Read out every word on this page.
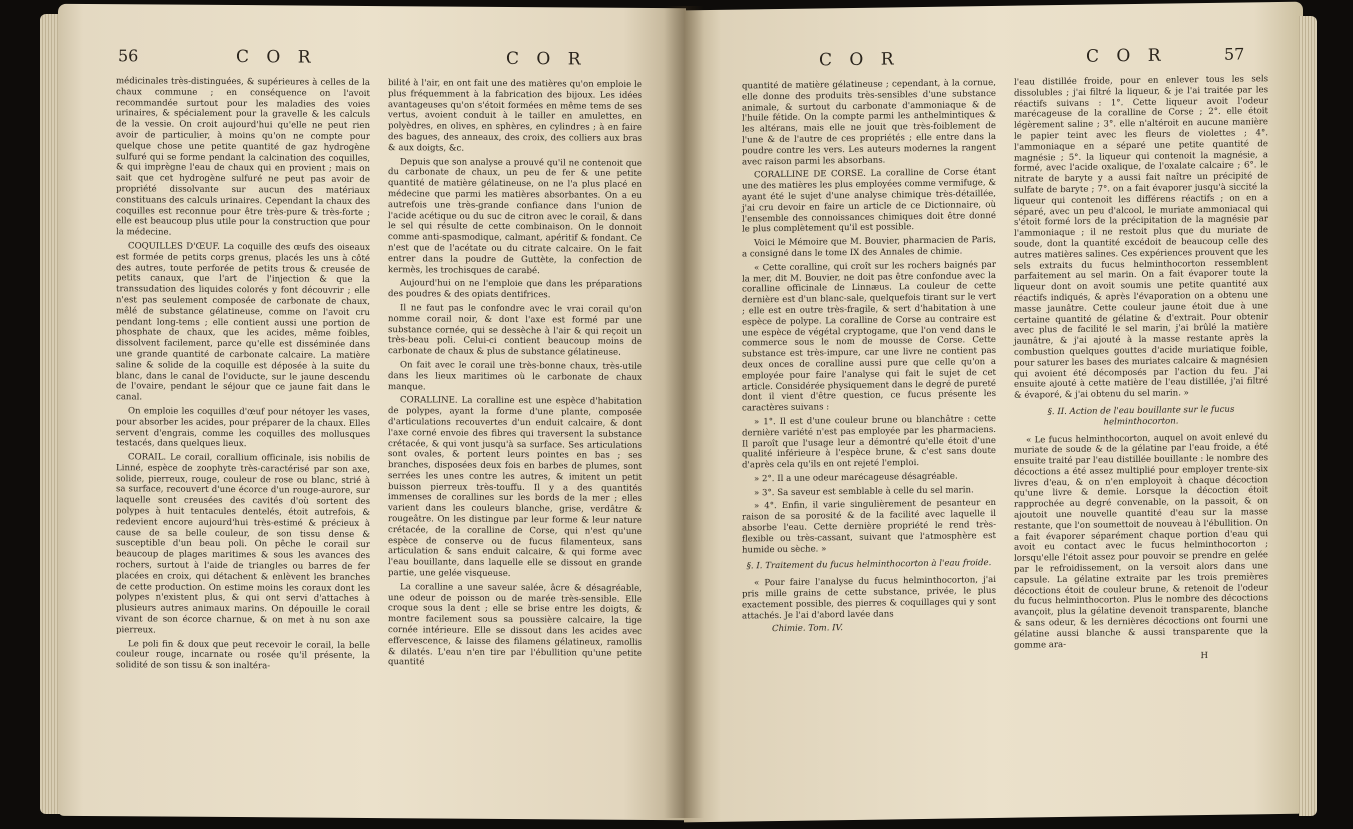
56	C O R	C O R

médicinales très-distinguées, & supérieures à celles de la chaux commune ; en conséquence on l'avoit recommandée surtout pour les maladies des voies urinaires, & spécialement pour la gravelle & les calculs de la vessie. On croit aujourd'hui qu'elle ne peut rien avoir de particulier, à moins qu'on ne compte pour quelque chose une petite quantité de gaz hydrogène sulfuré qui se forme pendant la calcination des coquilles, & qui imprègne l'eau de chaux qui en provient ; mais on sait que cet hydrogène sulfuré ne peut pas avoir de propriété dissolvante sur aucun des matériaux constituans des calculs urinaires. Cependant la chaux des coquilles est reconnue pour être très-pure & très-forte ; elle est beaucoup plus utile pour la construction que pour la médecine.

COQUILLES D'ŒUF. La coquille des œufs des oiseaux est formée de petits corps grenus, placés les uns à côté des autres, toute perforée de petits trous & creusée de petits canaux, que l'art de l'injection & que la transsudation des liquides colorés y font découvrir ; elle n'est pas seulement composée de carbonate de chaux, mêlé de substance gélatineuse, comme on l'avoit cru pendant long-tems ; elle contient aussi une portion de phosphate de chaux, que les acides, même foibles, dissolvent facilement, parce qu'elle est disséminée dans une grande quantité de carbonate calcaire. La matière saline & solide de la coquille est déposée à la suite du blanc, dans le canal de l'oviducte, sur le jaune descendu de l'ovaire, pendant le séjour que ce jaune fait dans le canal.

On emploie les coquilles d'œuf pour nétoyer les vases, pour absorber les acides, pour préparer de la chaux. Elles servent d'engrais, comme les coquilles des mollusques testacés, dans quelques lieux.

CORAIL. Le corail, corallium officinale, isis nobilis de Linné, espèce de zoophyte très-caractérisé par son axe, solide, pierreux, rouge, couleur de rose ou blanc, strié à sa surface, recouvert d'une écorce d'un rouge-aurore, sur laquelle sont creusées des cavités d'où sortent des polypes à huit tentacules dentelés, étoit autrefois, & redevient encore aujourd'hui très-estimé & précieux à cause de sa belle couleur, de son tissu dense & susceptible d'un beau poli. On pêche le corail sur beaucoup de plages maritimes & sous les avances des rochers, surtout à l'aide de triangles ou barres de fer placées en croix, qui détachent & enlèvent les branches de cette production. On estime moins les coraux dont les polypes n'existent plus, & qui ont servi d'attaches à plusieurs autres animaux marins. On dépouille le corail vivant de son écorce charnue, & on met à nu son axe pierreux.

Le poli fin & doux que peut recevoir le corail, la belle couleur rouge, incarnate ou rosée qu'il présente, la solidité de son tissu & son inaltéra-

bilité à l'air, en ont fait une des matières qu'on emploie le plus fréquemment à la fabrication des bijoux. Les idées avantageuses qu'on s'étoit formées en même tems de ses vertus, avoient conduit à le tailler en amulettes, en polyèdres, en olives, en sphères, en cylindres ; à en faire des bagues, des anneaux, des croix, des colliers aux bras & aux doigts, &c.

Depuis que son analyse a prouvé qu'il ne contenoit que du carbonate de chaux, un peu de fer & une petite quantité de matière gélatineuse, on ne l'a plus placé en médecine que parmi les matières absorbantes. On a eu autrefois une très-grande confiance dans l'union de l'acide acétique ou du suc de citron avec le corail, & dans le sel qui résulte de cette combinaison. On le donnoit comme anti-spasmodique, calmant, apéritif & fondant. Ce n'est que de l'acétate ou du citrate calcaire. On le fait entrer dans la poudre de Guttète, la confection de kermès, les trochisques de carabé.

Aujourd'hui on ne l'emploie que dans les préparations des poudres & des opiats dentifrices.

Il ne faut pas le confondre avec le vrai corail qu'on nomme corail noir, & dont l'axe est formé par une substance cornée, qui se dessèche à l'air & qui reçoit un très-beau poli. Celui-ci contient beaucoup moins de carbonate de chaux & plus de substance gélatineuse.

On fait avec le corail une très-bonne chaux, très-utile dans les lieux maritimes où le carbonate de chaux manque.

CORALLINE. La coralline est une espèce d'habitation de polypes, ayant la forme d'une plante, composée d'articulations recouvertes d'un enduit calcaire, & dont l'axe corné envoie des fibres qui traversent la substance crétacée, & qui vont jusqu'à sa surface. Ses articulations sont ovales, & portent leurs pointes en bas ; ses branches, disposées deux fois en barbes de plumes, sont serrées les unes contre les autres, & imitent un petit buisson pierreux très-touffu. Il y a des quantités immenses de corallines sur les bords de la mer ; elles varient dans les couleurs blanche, grise, verdâtre & rougeâtre. On les distingue par leur forme & leur nature crétacée, de la coralline de Corse, qui n'est qu'une espèce de conserve ou de fucus filamenteux, sans articulation & sans enduit calcaire, & qui forme avec l'eau bouillante, dans laquelle elle se dissout en grande partie, une gelée visqueuse.

La coralline a une saveur salée, âcre & désagréable, une odeur de poisson ou de marée très-sensible. Elle croque sous la dent ; elle se brise entre les doigts, & montre facilement sous sa poussière calcaire, la tige cornée intérieure. Elle se dissout dans les acides avec effervescence, & laisse des filamens gélatineux, ramollis & dilatés. L'eau n'en tire par l'ébullition qu'une petite quantité

C O R	C O R	57

quantité de matière gélatineuse ; cependant, à la cornue, elle donne des produits très-sensibles d'une substance animale, & surtout du carbonate d'ammoniaque & de l'huile fétide. On la compte parmi les anthelmintiques & les altérans, mais elle ne jouit que très-foiblement de l'une & de l'autre de ces propriétés ; elle entre dans la poudre contre les vers. Les auteurs modernes la rangent avec raison parmi les absorbans.

CORALLINE DE CORSE. La coralline de Corse étant une des matières les plus employées comme vermifuge, & ayant été le sujet d'une analyse chimique très-détaillée, j'ai cru devoir en faire un article de ce Dictionnaire, où l'ensemble des connoissances chimiques doit être donné le plus complètement qu'il est possible.

Voici le Mémoire que M. Bouvier, pharmacien de Paris, a consigné dans le tome IX des Annales de chimie.

« Cette coralline, qui croît sur les rochers baignés par la mer, dit M. Bouvier, ne doit pas être confondue avec la coralline officinale de Linnæus. La couleur de cette dernière est d'un blanc-sale, quelquefois tirant sur le vert ; elle est en outre très-fragile, & sert d'habitation à une espèce de polype. La coralline de Corse au contraire est une espèce de végétal cryptogame, que l'on vend dans le commerce sous le nom de mousse de Corse. Cette substance est très-impure, car une livre ne contient pas deux onces de coralline aussi pure que celle qu'on a employée pour faire l'analyse qui fait le sujet de cet article. Considérée physiquement dans le degré de pureté dont il vient d'être question, ce fucus présente les caractères suivans :

» 1°. Il est d'une couleur brune ou blanchâtre : cette dernière variété n'est pas employée par les pharmaciens. Il paroît que l'usage leur a démontré qu'elle étoit d'une qualité inférieure à l'espèce brune, & c'est sans doute d'après cela qu'ils en ont rejeté l'emploi.

» 2°. Il a une odeur marécageuse désagréable.

» 3°. Sa saveur est semblable à celle du sel marin.

» 4°. Enfin, il varie singulièrement de pesanteur en raison de sa porosité & de la facilité avec laquelle il absorbe l'eau. Cette dernière propriété le rend très-flexible ou très-cassant, suivant que l'atmosphère est humide ou sèche. »

§. I. Traitement du fucus helminthocorton à l'eau froide.

« Pour faire l'analyse du fucus helminthocorton, j'ai pris mille grains de cette substance, privée, le plus exactement possible, des pierres & coquillages qui y sont attachés. Je l'ai d'abord lavée dans

Chimie. Tom. IV.

l'eau distillée froide, pour en enlever tous les sels dissolubles ; j'ai filtré la liqueur, & je l'ai traitée par les réactifs suivans : 1°. Cette liqueur avoit l'odeur marécageuse de la coralline de Corse ; 2°. elle étoit légèrement saline ; 3°. elle n'altéroit en aucune manière le papier teint avec les fleurs de violettes ; 4°. l'ammoniaque en a séparé une petite quantité de magnésie ; 5°. la liqueur qui contenoit la magnésie, a formé, avec l'acide oxalique, de l'oxalate calcaire ; 6°. le nitrate de baryte y a aussi fait naître un précipité de sulfate de baryte ; 7°. on a fait évaporer jusqu'à siccité la liqueur qui contenoit les différens réactifs ; on en a séparé, avec un peu d'alcool, le muriate ammoniacal qui s'étoit formé lors de la précipitation de la magnésie par l'ammoniaque ; il ne restoit plus que du muriate de soude, dont la quantité excédoit de beaucoup celle des autres matières salines. Ces expériences prouvent que les sels extraits du fucus helminthocorton ressemblent parfaitement au sel marin. On a fait évaporer toute la liqueur dont on avoit soumis une petite quantité aux réactifs indiqués, & après l'évaporation on a obtenu une masse jaunâtre. Cette couleur jaune étoit due à une certaine quantité de gélatine & d'extrait. Pour obtenir avec plus de facilité le sel marin, j'ai brûlé la matière jaunâtre, & j'ai ajouté à la masse restante après la combustion quelques gouttes d'acide muriatique foible, pour saturer les bases des muriates calcaire & magnésien qui avoient été décomposés par l'action du feu. J'ai ensuite ajouté à cette matière de l'eau distillée, j'ai filtré & évaporé, & j'ai obtenu du sel marin. »

§. II. Action de l'eau bouillante sur le fucus helminthocorton.

« Le fucus helminthocorton, auquel on avoit enlevé du muriate de soude & de la gélatine par l'eau froide, a été ensuite traité par l'eau distillée bouillante : le nombre des décoctions a été assez multiplié pour employer trente-six livres d'eau, & on n'en employoit à chaque décoction qu'une livre & demie. Lorsque la décoction étoit rapprochée au degré convenable, on la passoit, & on ajoutoit une nouvelle quantité d'eau sur la masse restante, que l'on soumettoit de nouveau à l'ébullition. On a fait évaporer séparément chaque portion d'eau qui avoit eu contact avec le fucus helminthocorton ; lorsqu'elle l'étoit assez pour pouvoir se prendre en gelée par le refroidissement, on la versoit alors dans une capsule. La gélatine extraite par les trois premières décoctions étoit de couleur brune, & retenoit de l'odeur du fucus helminthocorton. Plus le nombre des décoctions avançoit, plus la gélatine devenoit transparente, blanche & sans odeur, & les dernières décoctions ont fourni une gélatine aussi blanche & aussi transparente que la gomme ara-

H
